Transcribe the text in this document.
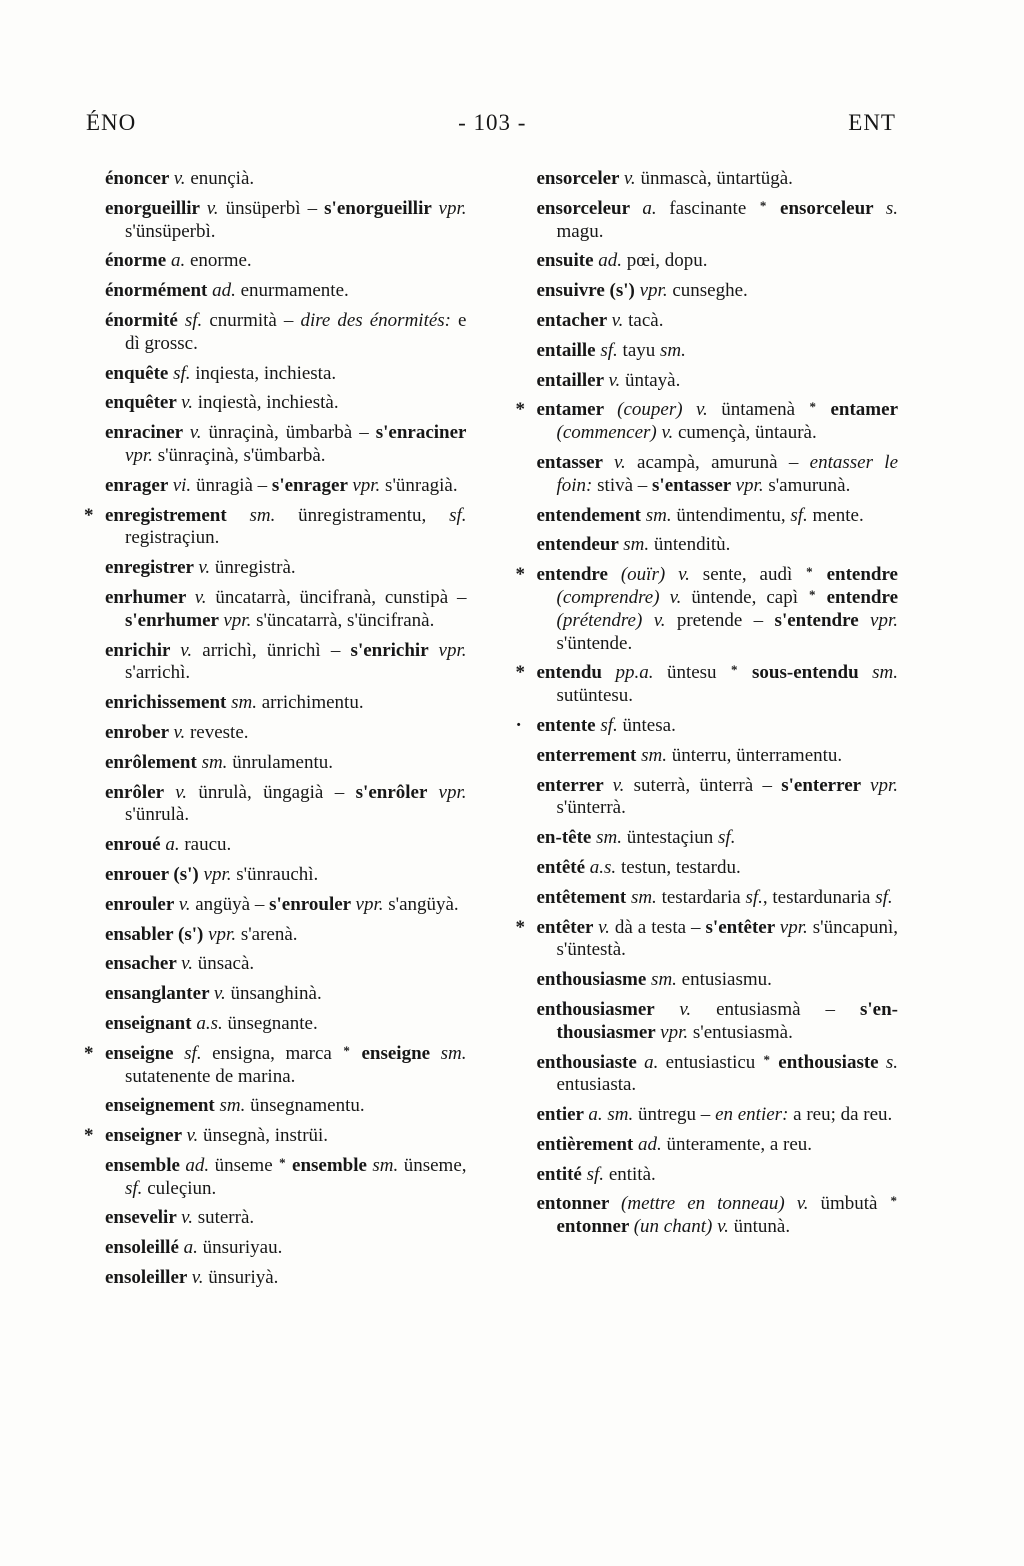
ÉNO	- 103 -	ENT

énoncer v. enunçià.

enorgueillir v. ünsüperbì – s'enorgueillir vpr. s'ünsüperbì.

énorme a. enorme.

énormément ad. enurmamente.

énormité sf. cnurmità – dire des énormités: e dì grossc.

enquête sf. inqiesta, inchiesta.

enquêter v. inqiestà, inchiestà.

enraciner v. ünraçinà, ümbarbà – s'enraciner vpr. s'ünraçinà, s'ümbarbà.

enrager vi. ünragià – s'enrager vpr. s'ünragià.

* enregistrement sm. ünregistramentu, sf. registraçiun.

enregistrer v. ünregistrà.

enrhumer v. üncatarrà, üncifranà, cunstipà – s'enrhumer vpr. s'üncatarrà, s'üncifranà.

enrichir v. arrichì, ünrichì – s'enrichir vpr. s'arrichì.

enrichissement sm. arrichimentu.

enrober v. reveste.

enrôlement sm. ünrulamentu.

enrôler v. ünrulà, üngagià – s'enrôler vpr. s'ünrulà.

enroué a. raucu.

enrouer (s') vpr. s'ünrauchì.

enrouler v. angüyà – s'enrouler vpr. s'angüyà.

ensabler (s') vpr. s'arenà.

ensacher v. ünsacà.

ensanglanter v. ünsanghinà.

enseignant a.s. ünsegnante.

* enseigne sf. ensigna, marca * enseigne sm. sutatenente de marina.

enseignement sm. ünsegnamentu.

* enseigner v. ünsegnà, instrüi.

ensemble ad. ünseme * ensemble sm. ünseme, sf. culeçiun.

ensevelir v. suterrà.

ensoleillé a. ünsuriyau.

ensoleiller v. ünsuriyà.

ensorceler v. ünmascà, üntartügà.

ensorceleur a. fascinante * ensorceleur s. magu.

ensuite ad. pœi, dopu.

ensuivre (s') vpr. cunseghe.

entacher v. tacà.

entaille sf. tayu sm.

entailler v. üntayà.

* entamer (couper) v. üntamenà * entamer (commencer) v. cumençà, üntaurà.

entasser v. acampà, amurunà – entasser le foin: stivà – s'entasser vpr. s'amurunà.

entendement sm. üntendimentu, sf. mente.

entendeur sm. üntenditù.

* entendre (ouïr) v. sente, audì * entendre (comprendre) v. üntende, capì * entendre (prétendre) v. pretende – s'entendre vpr. s'üntende.

* entendu pp.a. üntesu * sous-entendu sm. sutüntesu.

· entente sf. üntesa.

enterrement sm. ünterru, ünterramentu.

enterrer v. suterrà, ünterrà – s'enterrer vpr. s'ünterrà.

en-tête sm. üntestaçiun sf.

entêté a.s. testun, testardu.

entêtement sm. testardaria sf., testardunaria sf.

* entêter v. dà a testa – s'entêter vpr. s'üncapunì, s'üntestà.

enthousiasme sm. entusiasmu.

enthousiasmer v. entusiasmà – s'enthousiasmer vpr. s'entusiasmà.

enthousiaste a. entusiasticu * enthousiaste s. entusiasta.

entier a. sm. üntregu – en entier: a reu; da reu.

entièrement ad. ünteramente, a reu.

entité sf. entità.

entonner (mettre en tonneau) v. ümbutà * entonner (un chant) v. üntunà.
